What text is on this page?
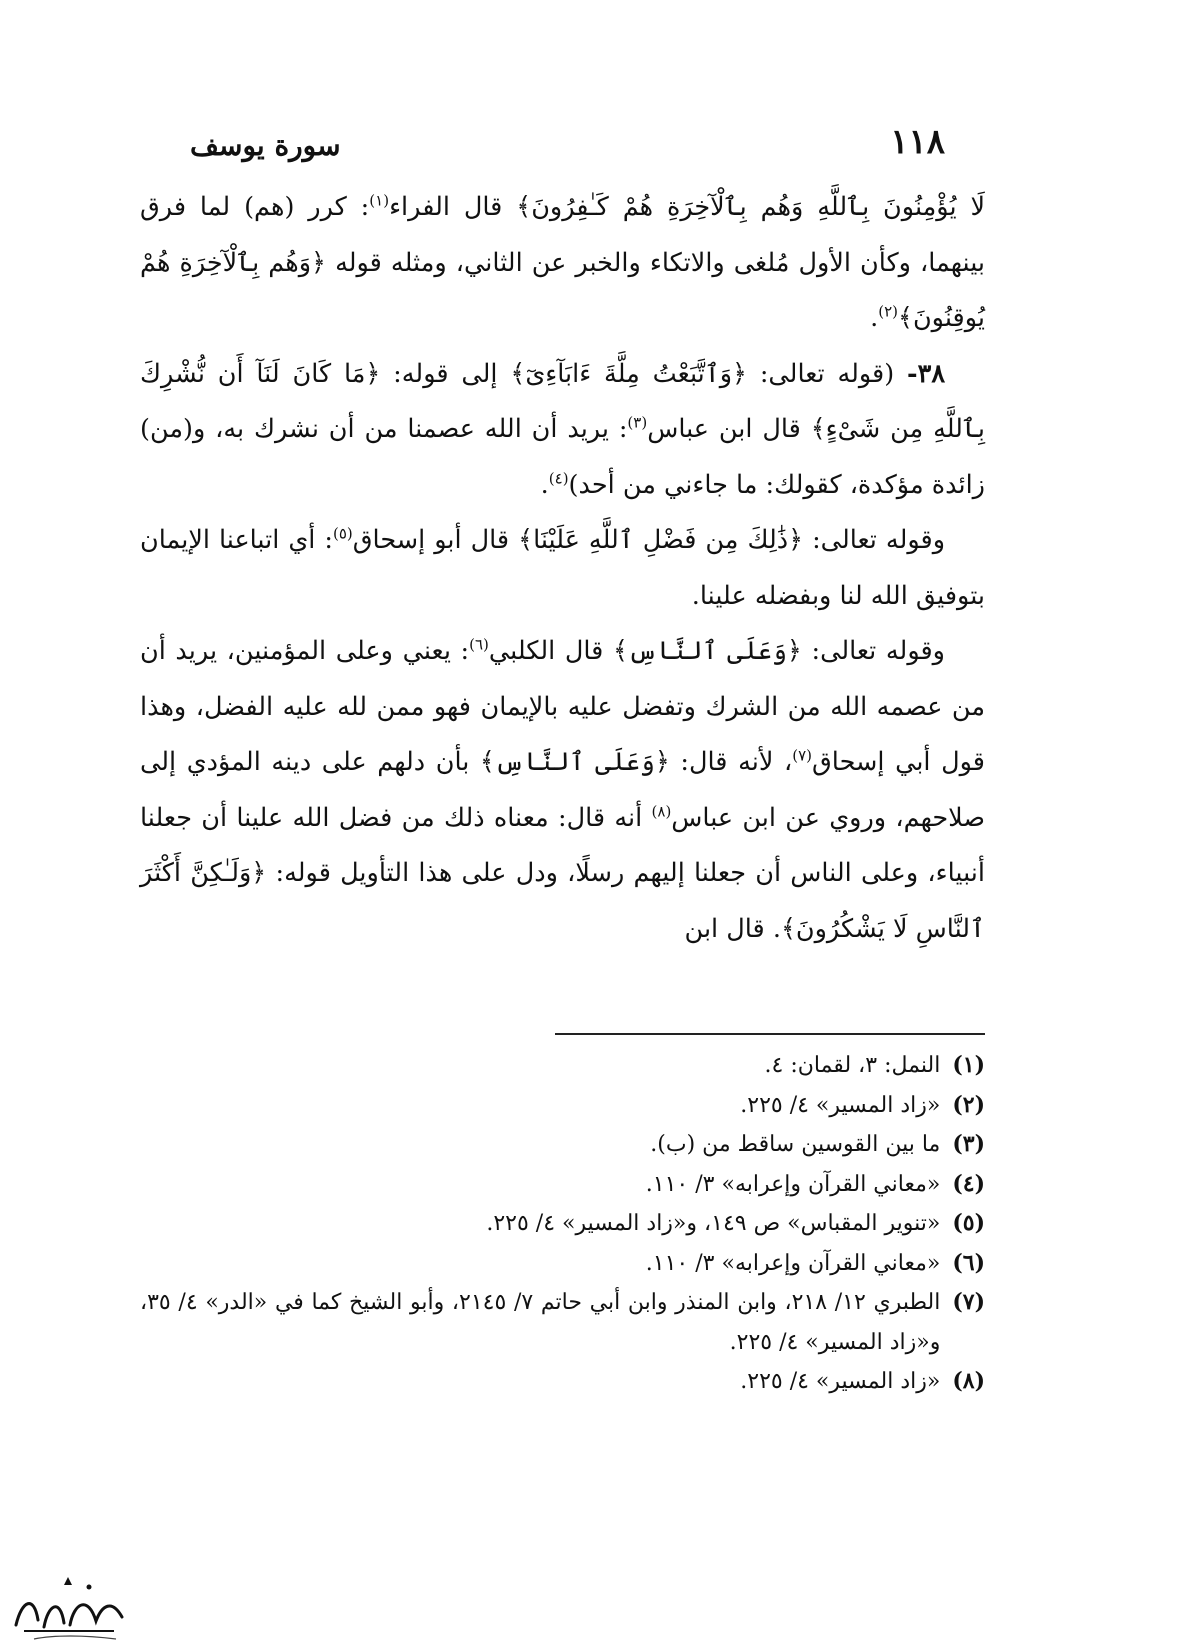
١١٨
سورة يوسف

لَا يُؤْمِنُونَ بِٱللَّهِ وَهُم بِٱلْآخِرَةِ هُمْ كَـٰفِرُونَ﴾ قال الفراء$^{(١)}$: كرر (هم) لما فرق بينهما، وكأن الأول مُلغى والاتكاء والخبر عن الثاني، ومثله قوله ﴿وَهُم بِٱلْآخِرَةِ هُمْ يُوقِنُونَ﴾$^{(٢)}$.

٣٨- (قوله تعالى: ﴿وَٱتَّبَعْتُ مِلَّةَ ءَابَآءِىٓ﴾ إلى قوله: ﴿مَا كَانَ لَنَآ أَن نُّشْرِكَ بِٱللَّهِ مِن شَىْءٍ﴾ قال ابن عباس$^{(٣)}$: يريد أن الله عصمنا من أن نشرك به، و(من) زائدة مؤكدة، كقولك: ما جاءني من أحد)$^{(٤)}$.

وقوله تعالى: ﴿ذَٰلِكَ مِن فَضْلِ ٱللَّهِ عَلَيْنَا﴾ قال أبو إسحاق$^{(٥)}$: أي اتباعنا الإيمان بتوفيق الله لنا وبفضله علينا.

وقوله تعالى: ﴿وَعَلَى ٱلنَّاسِ﴾ قال الكلبي$^{(٦)}$: يعني وعلى المؤمنين، يريد أن من عصمه الله من الشرك وتفضل عليه بالإيمان فهو ممن لله عليه الفضل، وهذا قول أبي إسحاق$^{(٧)}$، لأنه قال: ﴿وَعَلَى ٱلنَّاسِ﴾ بأن دلهم على دينه المؤدي إلى صلاحهم، وروي عن ابن عباس$^{(٨)}$ أنه قال: معناه ذلك من فضل الله علينا أن جعلنا أنبياء، وعلى الناس أن جعلنا إليهم رسلًا، ودل على هذا التأويل قوله: ﴿وَلَـٰكِنَّ أَكْثَرَ ٱلنَّاسِ لَا يَشْكُرُونَ﴾. قال ابن

(١)
النمل: ٣، لقمان: ٤.
(٢)
«زاد المسير» ٤/ ٢٢٥.
(٣)
ما بين القوسين ساقط من (ب).
(٤)
«معاني القرآن وإعرابه» ٣/ ١١٠.
(٥)
«تنوير المقباس» ص ١٤٩، و«زاد المسير» ٤/ ٢٢٥.
(٦)
«معاني القرآن وإعرابه» ٣/ ١١٠.
(٧)
الطبري ١٢/ ٢١٨، وابن المنذر وابن أبي حاتم ٧/ ٢١٤٥، وأبو الشيخ كما في «الدر» ٤/ ٣٥، و«زاد المسير» ٤/ ٢٢٥.
(٨)
«زاد المسير» ٤/ ٢٢٥.
